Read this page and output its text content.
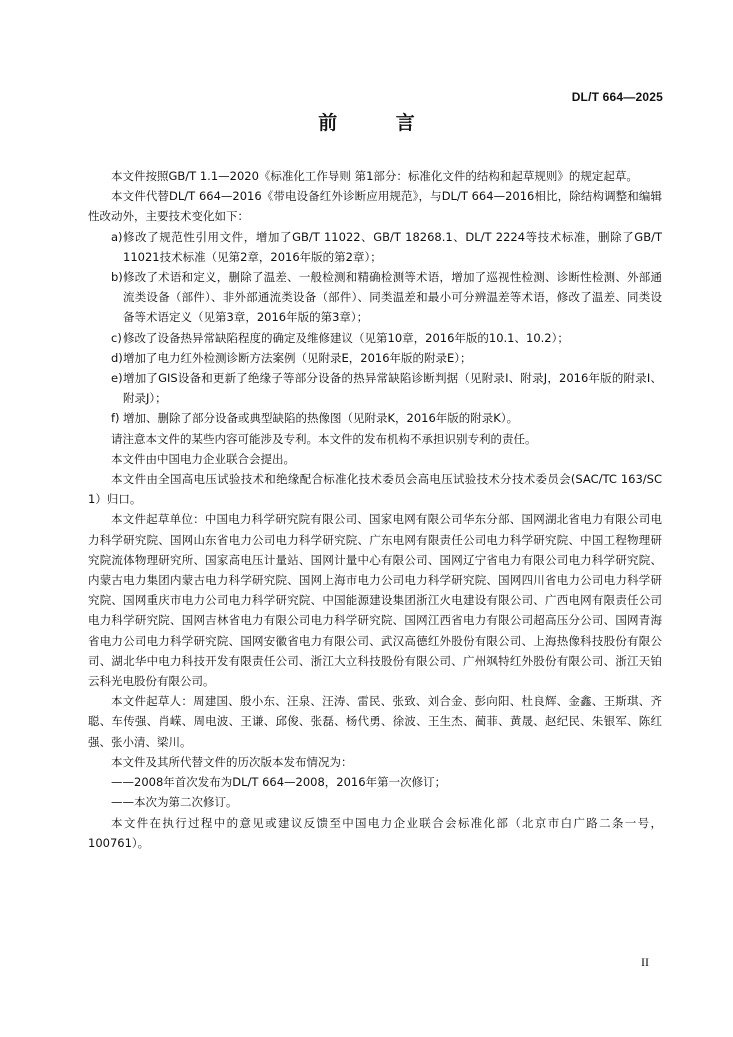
DL/T 664—2025
前 言

本文件按照GB/T 1.1—2020《标准化工作导则 第1部分：标准化文件的结构和起草规则》的规定起草。

本文件代替DL/T 664—2016《带电设备红外诊断应用规范》，与DL/T 664—2016相比，除结构调整和编辑性改动外，主要技术变化如下：

a) 修改了规范性引用文件，增加了GB/T 11022、GB/T 18268.1、DL/T 2224等技术标准，删除了GB/T 11021技术标准（见第2章，2016年版的第2章）；
b) 修改了术语和定义，删除了温差、一般检测和精确检测等术语，增加了巡视性检测、诊断性检测、外部通流类设备（部件）、非外部通流类设备（部件）、同类温差和最小可分辨温差等术语，修改了温差、同类设备等术语定义（见第3章，2016年版的第3章）；
c) 修改了设备热异常缺陷程度的确定及维修建议（见第10章，2016年版的10.1、10.2）；
d) 增加了电力红外检测诊断方法案例（见附录E，2016年版的附录E）；
e) 增加了GIS设备和更新了绝缘子等部分设备的热异常缺陷诊断判据（见附录I、附录J，2016年版的附录I、附录J）；
f) 增加、删除了部分设备或典型缺陷的热像图（见附录K，2016年版的附录K）。

请注意本文件的某些内容可能涉及专利。本文件的发布机构不承担识别专利的责任。

本文件由中国电力企业联合会提出。

本文件由全国高电压试验技术和绝缘配合标准化技术委员会高电压试验技术分技术委员会(SAC/TC 163/SC 1）归口。

本文件起草单位：中国电力科学研究院有限公司、国家电网有限公司华东分部、国网湖北省电力有限公司电力科学研究院、国网山东省电力公司电力科学研究院、广东电网有限责任公司电力科学研究院、中国工程物理研究院流体物理研究所、国家高电压计量站、国网计量中心有限公司、国网辽宁省电力有限公司电力科学研究院、内蒙古电力集团内蒙古电力科学研究院、国网上海市电力公司电力科学研究院、国网四川省电力公司电力科学研究院、国网重庆市电力公司电力科学研究院、中国能源建设集团浙江火电建设有限公司、广西电网有限责任公司电力科学研究院、国网吉林省电力有限公司电力科学研究院、国网江西省电力有限公司超高压分公司、国网青海省电力公司电力科学研究院、国网安徽省电力有限公司、武汉高德红外股份有限公司、上海热像科技股份有限公司、湖北华中电力科技开发有限责任公司、浙江大立科技股份有限公司、广州飒特红外股份有限公司、浙江天铂云科光电股份有限公司。

本文件起草人：周建国、殷小东、汪泉、汪涛、雷民、张致、刘合金、彭向阳、杜良辉、金鑫、王斯琪、齐聪、车传强、肖嵘、周电波、王谦、邱俊、张磊、杨代勇、徐波、王生杰、蔺菲、黄晟、赵纪民、朱银军、陈红强、张小清、梁川。

本文件及其所代替文件的历次版本发布情况为：

——2008年首次发布为DL/T 664—2008，2016年第一次修订；

——本次为第二次修订。

本文件在执行过程中的意见或建议反馈至中国电力企业联合会标准化部（北京市白广路二条一号，100761）。

II
